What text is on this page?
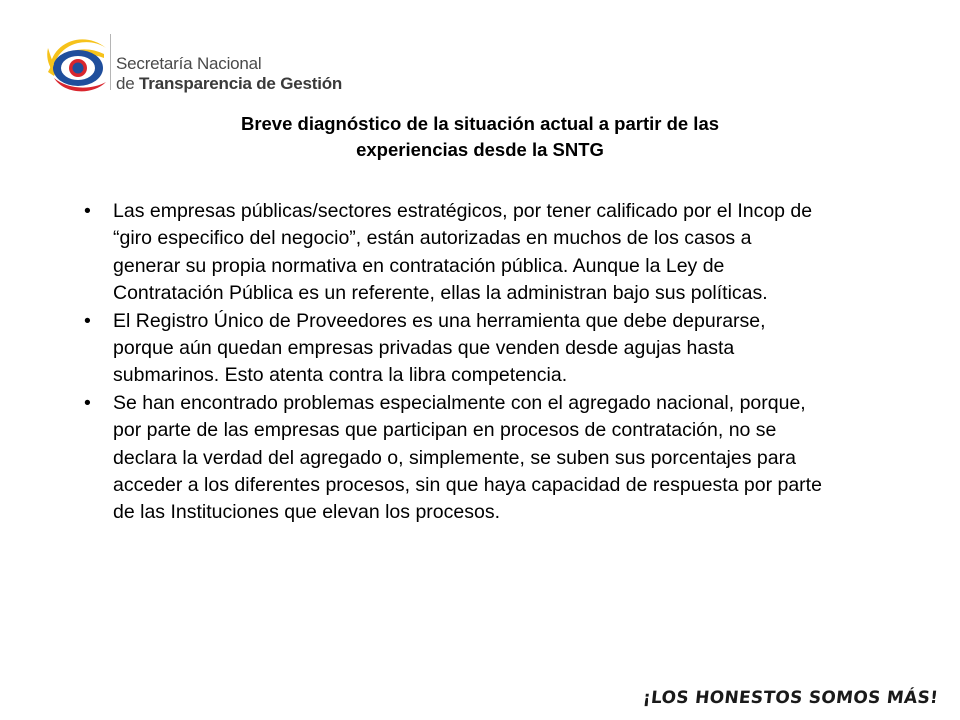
Secretaría Nacional
de Transparencia de Gestión
Breve diagnóstico de la situación actual a partir de las
experiencias desde la SNTG
• Las empresas públicas/sectores estratégicos, por tener calificado por el Incop de “giro especifico del negocio”, están autorizadas en muchos de los casos a generar su propia normativa en contratación pública. Aunque la Ley de Contratación Pública es un referente, ellas la administran bajo sus políticas.
• El Registro Único de Proveedores es una herramienta que debe depurarse, porque aún quedan empresas privadas que venden desde agujas hasta submarinos. Esto atenta contra la libra competencia.
• Se han encontrado problemas especialmente con el agregado nacional, porque, por parte de las empresas que participan en procesos de contratación, no se declara la verdad del agregado o, simplemente, se suben sus porcentajes para acceder a los diferentes procesos, sin que haya capacidad de respuesta por parte de las Instituciones que elevan los procesos.
¡LOS HONESTOS SOMOS MÁS!
